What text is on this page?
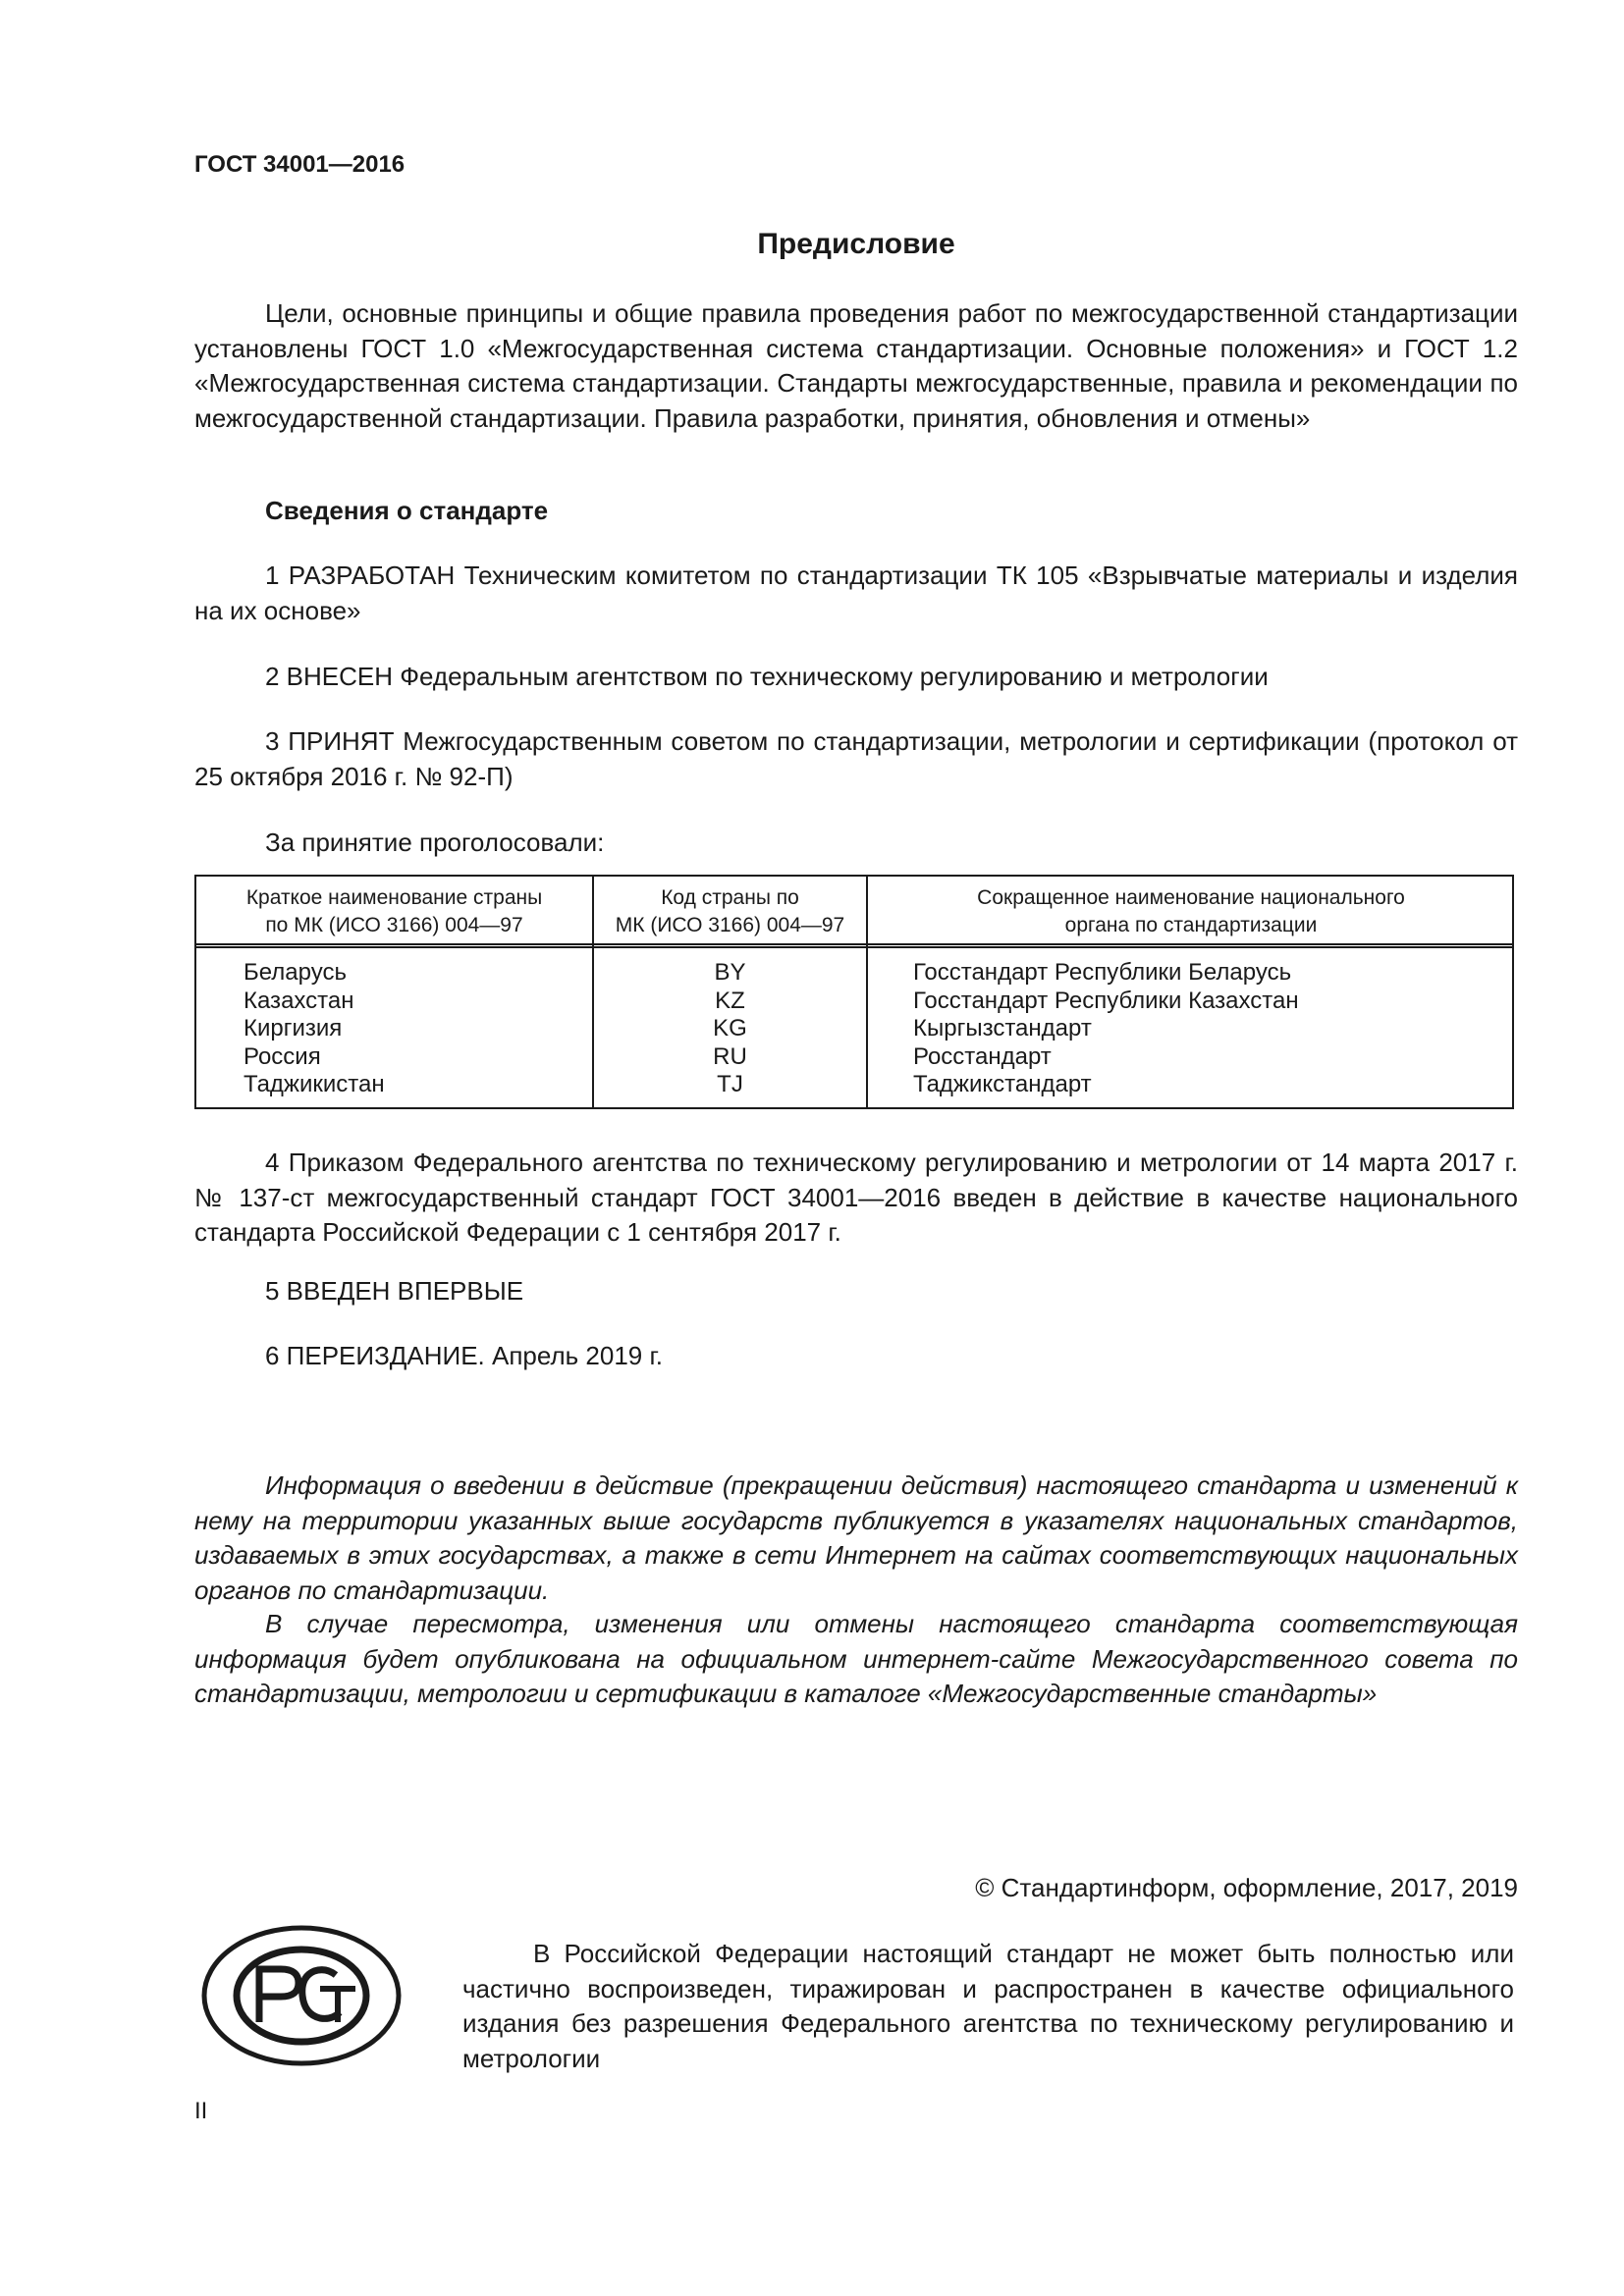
ГОСТ 34001—2016
Предисловие

Цели, основные принципы и общие правила проведения работ по межгосударственной стандартизации установлены ГОСТ 1.0 «Межгосударственная система стандартизации. Основные положения» и ГОСТ 1.2 «Межгосударственная система стандартизации. Стандарты межгосударственные, правила и рекомендации по межгосударственной стандартизации. Правила разработки, принятия, обновления и отмены»

Сведения о стандарте

1 РАЗРАБОТАН Техническим комитетом по стандартизации ТК 105 «Взрывчатые материалы и изделия на их основе»

2 ВНЕСЕН Федеральным агентством по техническому регулированию и метрологии

3 ПРИНЯТ Межгосударственным советом по стандартизации, метрологии и сертификации (протокол от 25 октября 2016 г. № 92-П)

За принятие проголосовали:

Краткое наименование страны
по МК (ИСО 3166) 004—97
Код страны по
МК (ИСО 3166) 004—97
Сокращенное наименование национального
органа по стандартизации
Беларусь
Казахстан
Киргизия
Россия
Таджикистан
BY
KZ
KG
RU
TJ
Госстандарт Республики Беларусь
Госстандарт Республики Казахстан
Кыргызстандарт
Росстандарт
Таджикстандарт

4 Приказом Федерального агентства по техническому регулированию и метрологии от 14 марта 2017 г. № 137-ст межгосударственный стандарт ГОСТ 34001—2016 введен в действие в качестве национального стандарта Российской Федерации с 1 сентября 2017 г.

5 ВВЕДЕН ВПЕРВЫЕ

6 ПЕРЕИЗДАНИЕ. Апрель 2019 г.

Информация о введении в действие (прекращении действия) настоящего стандарта и изменений к нему на территории указанных выше государств публикуется в указателях национальных стандартов, издаваемых в этих государствах, а также в сети Интернет на сайтах соответствующих национальных органов по стандартизации.

В случае пересмотра, изменения или отмены настоящего стандарта соответствующая информация будет опубликована на официальном интернет-сайте Межгосударственного совета по стандартизации, метрологии и сертификации в каталоге «Межгосударственные стандарты»

© Стандартинформ, оформление, 2017, 2019

В Российской Федерации настоящий стандарт не может быть полностью или частично воспроизведен, тиражирован и распространен в качестве официального издания без разрешения Федерального агентства по техническому регулированию и метрологии

II
